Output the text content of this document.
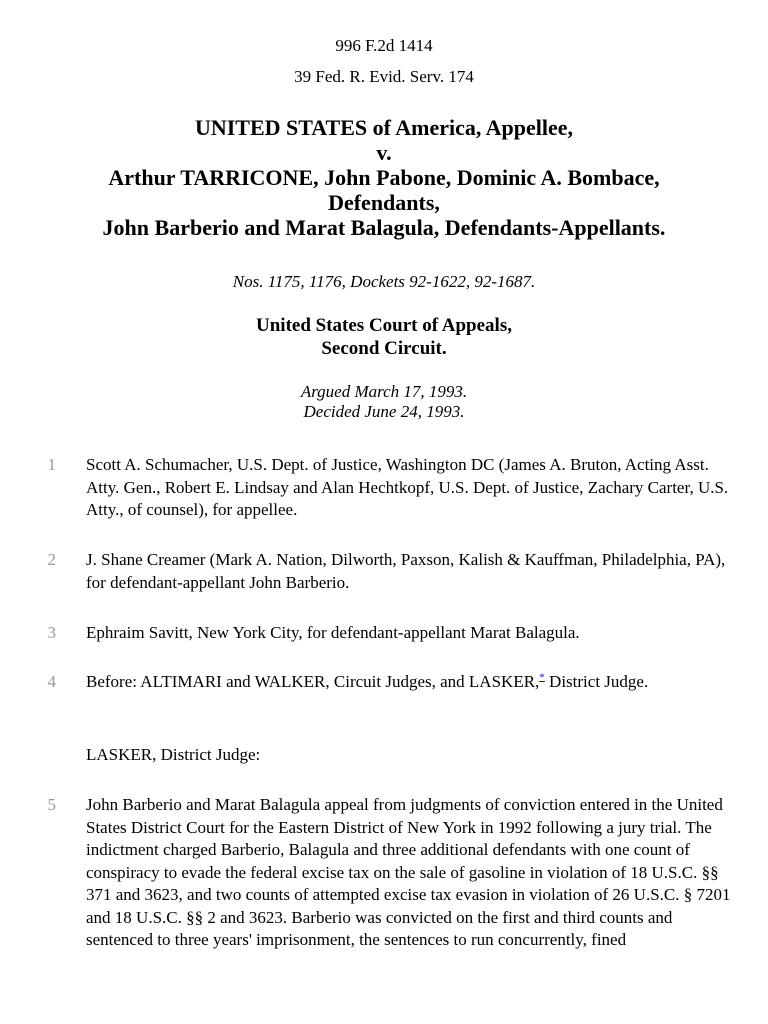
996 F.2d 1414
39 Fed. R. Evid. Serv. 174
UNITED STATES of America, Appellee,
v.
Arthur TARRICONE, John Pabone, Dominic A. Bombace,
Defendants,
John Barberio and Marat Balagula, Defendants-Appellants.
Nos. 1175, 1176, Dockets 92-1622, 92-1687.
United States Court of Appeals,
Second Circuit.
Argued March 17, 1993.
Decided June 24, 1993.
1 Scott A. Schumacher, U.S. Dept. of Justice, Washington DC (James A. Bruton, Acting Asst. Atty. Gen., Robert E. Lindsay and Alan Hechtkopf, U.S. Dept. of Justice, Zachary Carter, U.S. Atty., of counsel), for appellee.
2 J. Shane Creamer (Mark A. Nation, Dilworth, Paxson, Kalish & Kauffman, Philadelphia, PA), for defendant-appellant John Barberio.
3 Ephraim Savitt, New York City, for defendant-appellant Marat Balagula.
4 Before: ALTIMARI and WALKER, Circuit Judges, and LASKER,* District Judge.
LASKER, District Judge:
5 John Barberio and Marat Balagula appeal from judgments of conviction entered in the United States District Court for the Eastern District of New York in 1992 following a jury trial. The indictment charged Barberio, Balagula and three additional defendants with one count of conspiracy to evade the federal excise tax on the sale of gasoline in violation of 18 U.S.C. §§ 371 and 3623, and two counts of attempted excise tax evasion in violation of 26 U.S.C. § 7201 and 18 U.S.C. §§ 2 and 3623. Barberio was convicted on the first and third counts and sentenced to three years' imprisonment, the sentences to run concurrently, fined
